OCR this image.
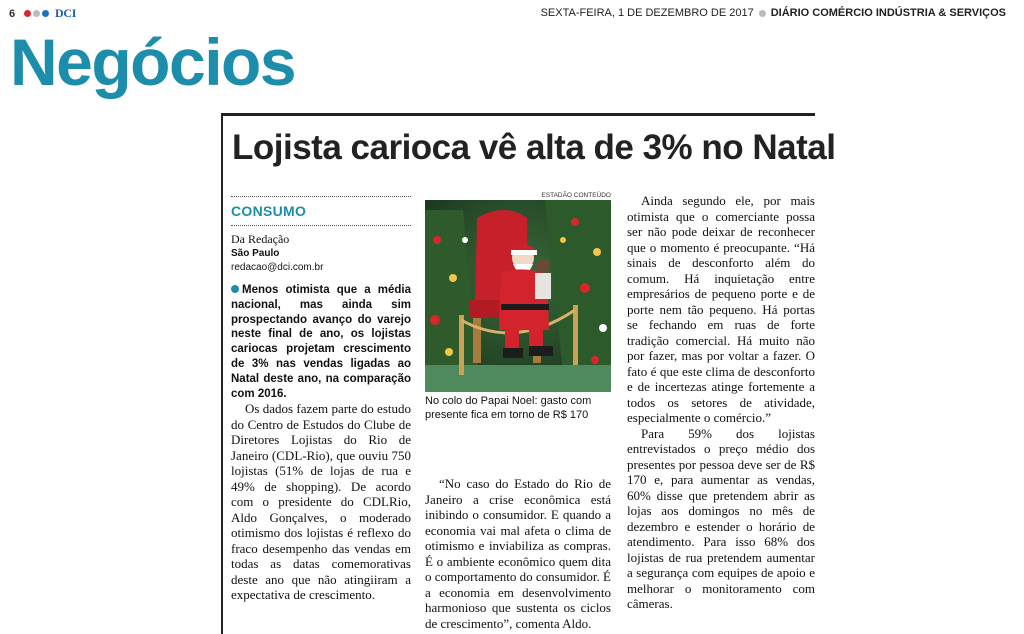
6	DCI	SEXTA-FEIRA, 1 DE DEZEMBRO DE 2017 DIÁRIO COMÉRCIO INDÚSTRIA & SERVIÇOS
Negócios
Lojista carioca vê alta de 3% no Natal
CONSUMO
Da Redação
São Paulo
redacao@dci.com.br

Menos otimista que a média nacional, mas ainda sim prospectando avanço do varejo neste final de ano, os lojistas cariocas projetam crescimento de 3% nas vendas ligadas ao Natal deste ano, na comparação com 2016.

Os dados fazem parte do estudo do Centro de Estudos do Clube de Diretores Lojistas do Rio de Janeiro (CDL-Rio), que ouviu 750 lojistas (51% de lojas de rua e 49% de shopping). De acordo com o presidente do CDLRio, Aldo Gonçalves, o moderado otimismo dos lojistas é reflexo do fraco desempenho das vendas em todas as datas comemorativas deste ano que não atingiiram a expectativa de crescimento.

ESTADÃO CONTEÚDO
No colo do Papai Noel: gasto com presente fica em torno de R$ 170

“No caso do Estado do Rio de Janeiro a crise econômica está inibindo o consumidor. E quando a economia vai mal afeta o clima de otimismo e inviabiliza as compras. É o ambiente econômico quem dita o comportamento do consumidor. É a economia em desenvolvimento harmonioso que sustenta os ciclos de crescimento”, comenta Aldo.

Ainda segundo ele, por mais otimista que o comerciante possa ser não pode deixar de reconhecer que o momento é preocupante. “Há sinais de desconforto além do comum. Há inquietação entre empresários de pequeno porte e de porte nem tão pequeno. Há portas se fechando em ruas de forte tradição comercial. Há muito não por fazer, mas por voltar a fazer. O fato é que este clima de desconforto e de incertezas atinge fortemente a todos os setores de atividade, especialmente o comércio.”

Para 59% dos lojistas entrevistados o preço médio dos presentes por pessoa deve ser de R$ 170 e, para aumentar as vendas, 60% disse que pretendem abrir as lojas aos domingos no mês de dezembro e estender o horário de atendimento. Para isso 68% dos lojistas de rua pretendem aumentar a segurança com equipes de apoio e melhorar o monitoramento com câmeras.
